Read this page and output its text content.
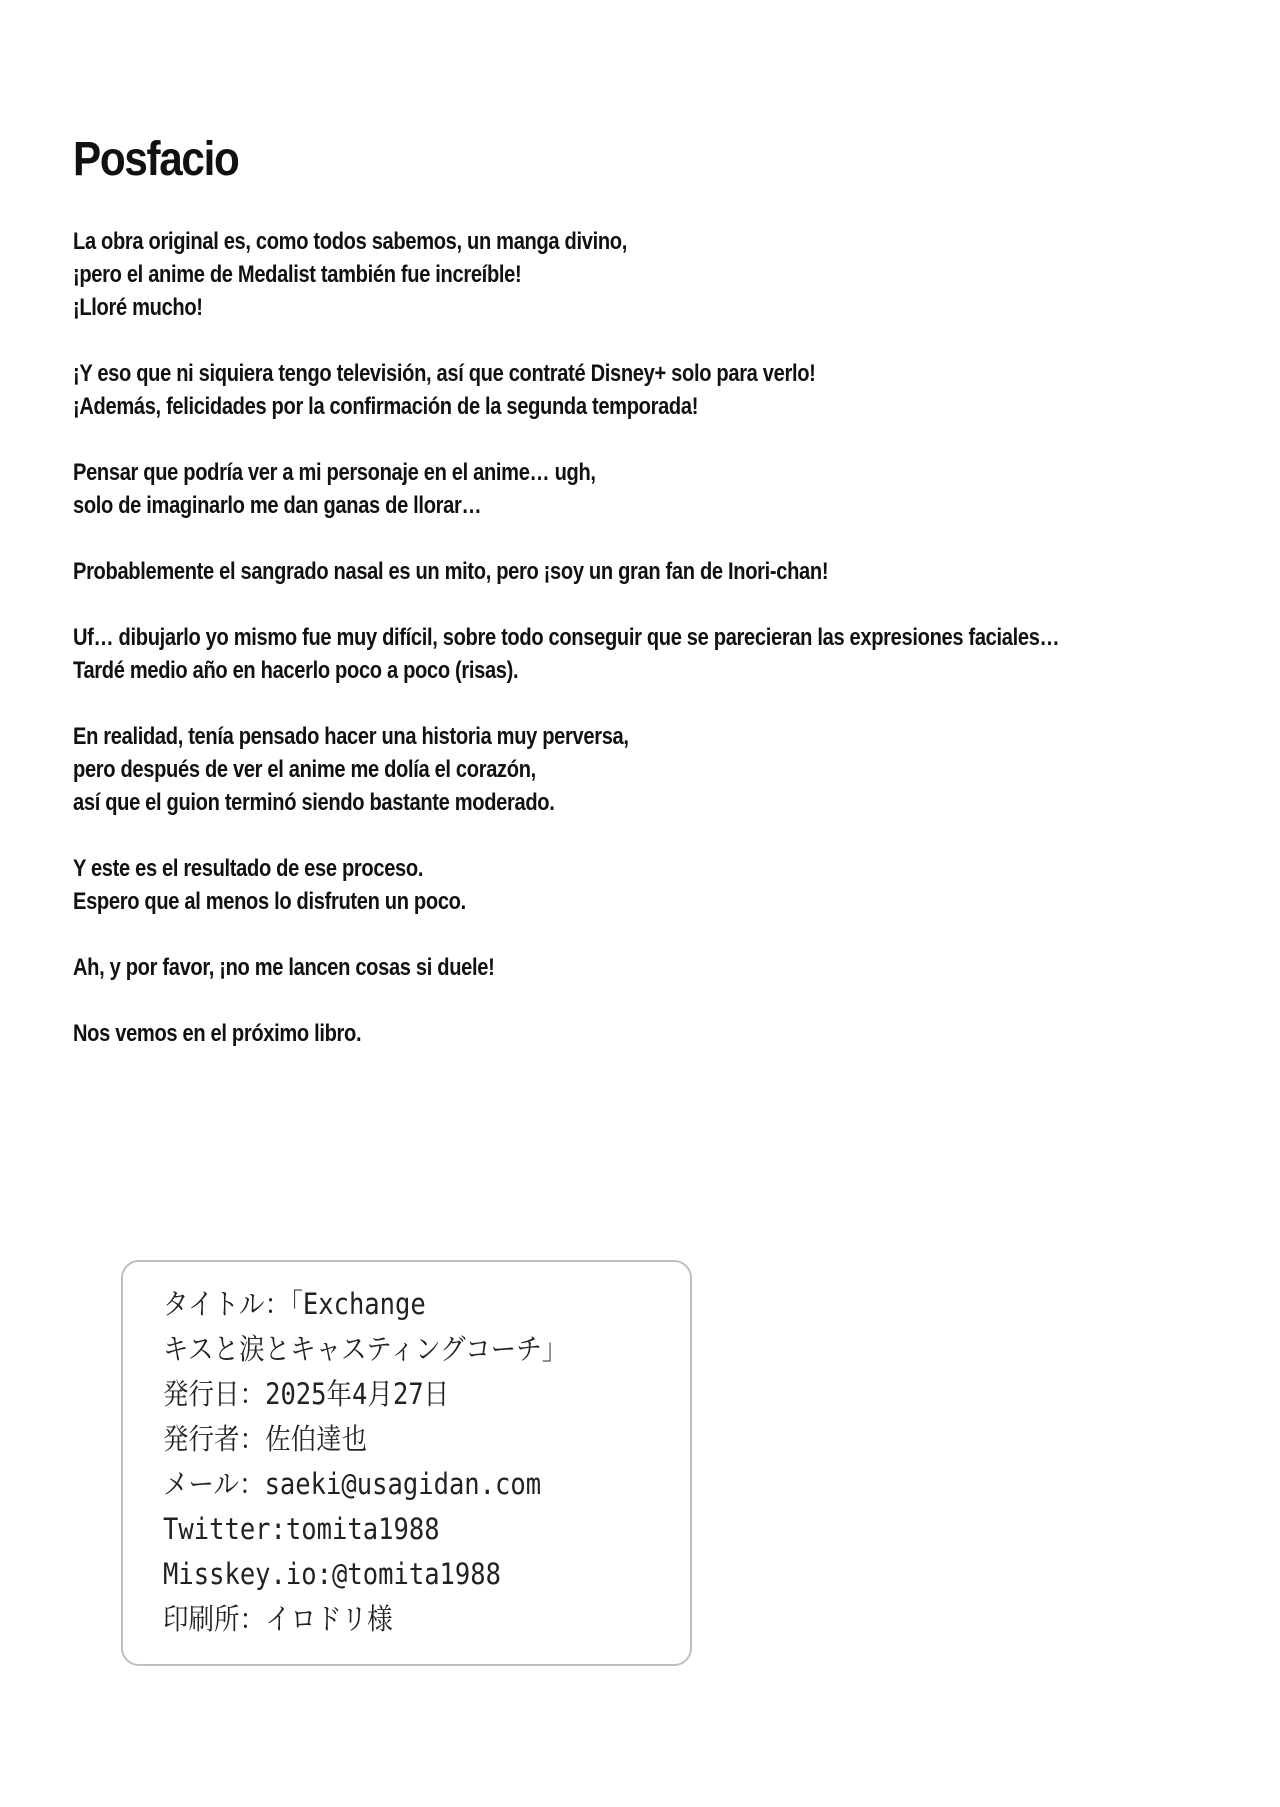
Posfacio

La obra original es, como todos sabemos, un manga divino,
¡pero el anime de Medalist también fue increíble!
¡Lloré mucho!

¡Y eso que ni siquiera tengo televisión, así que contraté Disney+ solo para verlo!
¡Además, felicidades por la confirmación de la segunda temporada!

Pensar que podría ver a mi personaje en el anime… ugh,
solo de imaginarlo me dan ganas de llorar…

Probablemente el sangrado nasal es un mito, pero ¡soy un gran fan de Inori-chan!

Uf… dibujarlo yo mismo fue muy difícil, sobre todo conseguir que se parecieran las expresiones faciales…
Tardé medio año en hacerlo poco a poco (risas).

En realidad, tenía pensado hacer una historia muy perversa,
pero después de ver el anime me dolía el corazón,
así que el guion terminó siendo bastante moderado.

Y este es el resultado de ese proceso.
Espero que al menos lo disfruten un poco.

Ah, y por favor, ¡no me lancen cosas si duele!

Nos vemos en el próximo libro.

タイトル：「Exchange
キスと涙とキャスティングコーチ」
発行日：2025年4月27日
発行者：佐伯達也
メール：saeki@usagidan.com
Twitter:tomita1988
Misskey.io:@tomita1988
印刷所：イロドリ様
